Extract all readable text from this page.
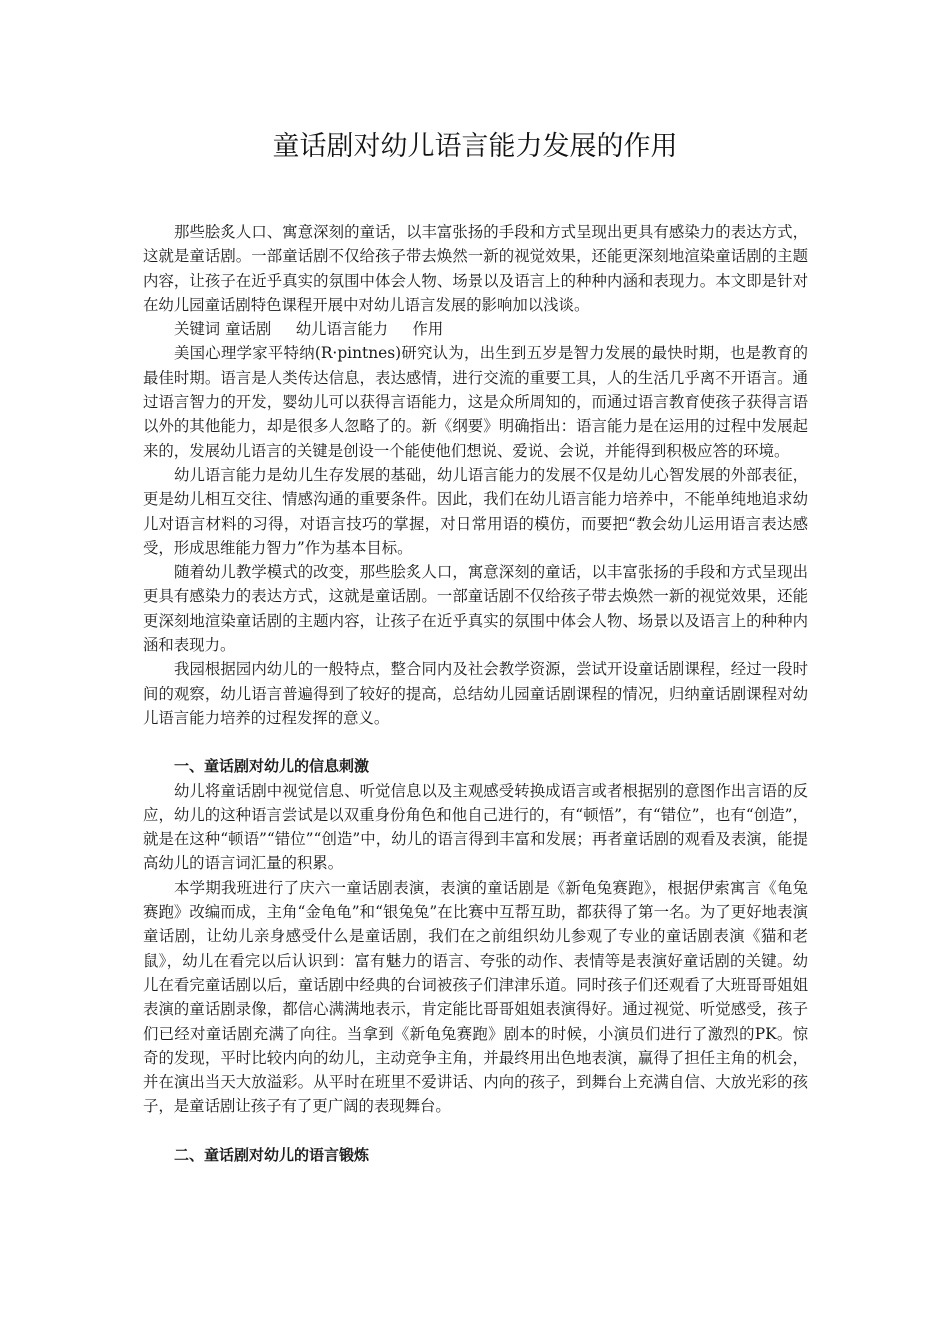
童话剧对幼儿语言能力发展的作用

那些脍炙人口、寓意深刻的童话，以丰富张扬的手段和方式呈现出更具有感染力的表达方式，这就是童话剧。一部童话剧不仅给孩子带去焕然一新的视觉效果，还能更深刻地渲染童话剧的主题内容，让孩子在近乎真实的氛围中体会人物、场景以及语言上的种种内涵和表现力。本文即是针对在幼儿园童话剧特色课程开展中对幼儿语言发展的影响加以浅谈。

关键词 童话剧     幼儿语言能力     作用

美国心理学家平特纳(R·pintnes)研究认为，出生到五岁是智力发展的最快时期，也是教育的最佳时期。语言是人类传达信息，表达感情，进行交流的重要工具，人的生活几乎离不开语言。通过语言智力的开发，婴幼儿可以获得言语能力，这是众所周知的，而通过语言教育使孩子获得言语以外的其他能力，却是很多人忽略了的。新《纲要》明确指出：语言能力是在运用的过程中发展起来的，发展幼儿语言的关键是创设一个能使他们想说、爱说、会说，并能得到积极应答的环境。

幼儿语言能力是幼儿生存发展的基础，幼儿语言能力的发展不仅是幼儿心智发展的外部表征，更是幼儿相互交往、情感沟通的重要条件。因此，我们在幼儿语言能力培养中，不能单纯地追求幼儿对语言材料的习得，对语言技巧的掌握，对日常用语的模仿，而要把“教会幼儿运用语言表达感受，形成思维能力智力”作为基本目标。

随着幼儿教学模式的改变，那些脍炙人口，寓意深刻的童话，以丰富张扬的手段和方式呈现出更具有感染力的表达方式，这就是童话剧。一部童话剧不仅给孩子带去焕然一新的视觉效果，还能更深刻地渲染童话剧的主题内容，让孩子在近乎真实的氛围中体会人物、场景以及语言上的种种内涵和表现力。

我园根据园内幼儿的一般特点，整合同内及社会教学资源，尝试开设童话剧课程，经过一段时间的观察，幼儿语言普遍得到了较好的提高，总结幼儿园童话剧课程的情况，归纳童话剧课程对幼儿语言能力培养的过程发挥的意义。

一、童话剧对幼儿的信息刺激

幼儿将童话剧中视觉信息、听觉信息以及主观感受转换成语言或者根据别的意图作出言语的反应，幼儿的这种语言尝试是以双重身份角色和他自己进行的，有“顿悟”，有“错位”，也有“创造”，就是在这种“顿语”“错位”“创造”中，幼儿的语言得到丰富和发展；再者童话剧的观看及表演，能提高幼儿的语言词汇量的积累。

本学期我班进行了庆六一童话剧表演，表演的童话剧是《新龟兔赛跑》，根据伊索寓言《龟兔赛跑》改编而成，主角“金龟龟”和“银兔兔”在比赛中互帮互助，都获得了第一名。为了更好地表演童话剧，让幼儿亲身感受什么是童话剧，我们在之前组织幼儿参观了专业的童话剧表演《猫和老鼠》，幼儿在看完以后认识到：富有魅力的语言、夸张的动作、表情等是表演好童话剧的关键。幼儿在看完童话剧以后，童话剧中经典的台词被孩子们津津乐道。同时孩子们还观看了大班哥哥姐姐表演的童话剧录像，都信心满满地表示，肯定能比哥哥姐姐表演得好。通过视觉、听觉感受，孩子们已经对童话剧充满了向往。当拿到《新龟兔赛跑》剧本的时候，小演员们进行了激烈的PK。惊奇的发现，平时比较内向的幼儿，主动竞争主角，并最终用出色地表演，赢得了担任主角的机会，并在演出当天大放溢彩。从平时在班里不爱讲话、内向的孩子，到舞台上充满自信、大放光彩的孩子，是童话剧让孩子有了更广阔的表现舞台。

二、童话剧对幼儿的语言锻炼
